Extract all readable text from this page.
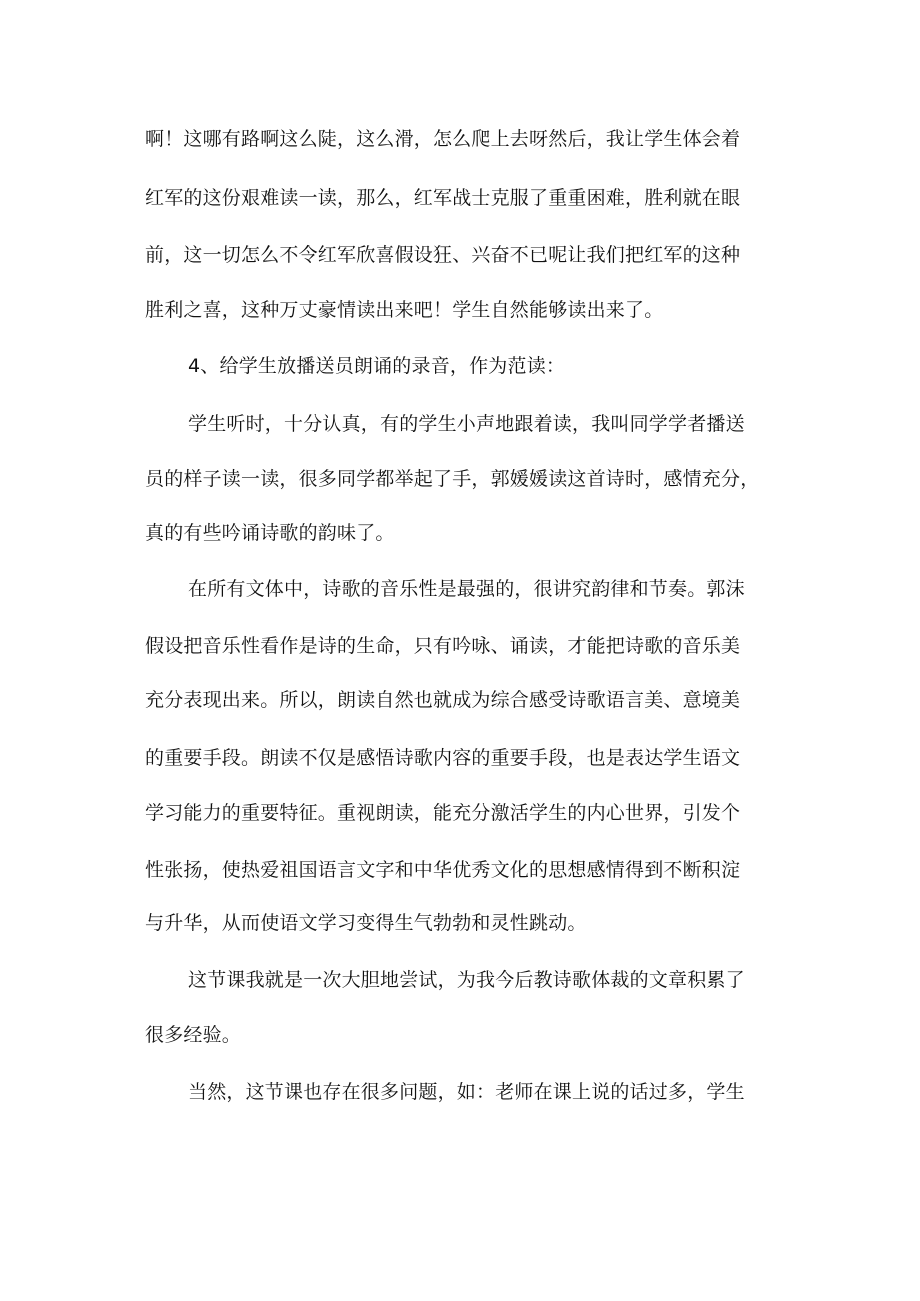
啊！这哪有路啊这么陡，这么滑，怎么爬上去呀然后，我让学生体会着
红军的这份艰难读一读，那么，红军战士克服了重重困难，胜利就在眼
前，这一切怎么不令红军欣喜假设狂、兴奋不已呢让我们把红军的这种
胜利之喜，这种万丈豪情读出来吧！学生自然能够读出来了。
4、给学生放播送员朗诵的录音，作为范读：
学生听时，十分认真，有的学生小声地跟着读，我叫同学学者播送
员的样子读一读，很多同学都举起了手，郭媛媛读这首诗时，感情充分，
真的有些吟诵诗歌的韵味了。
在所有文体中，诗歌的音乐性是最强的，很讲究韵律和节奏。郭沫
假设把音乐性看作是诗的生命，只有吟咏、诵读，才能把诗歌的音乐美
充分表现出来。所以，朗读自然也就成为综合感受诗歌语言美、意境美
的重要手段。朗读不仅是感悟诗歌内容的重要手段，也是表达学生语文
学习能力的重要特征。重视朗读，能充分激活学生的内心世界，引发个
性张扬，使热爱祖国语言文字和中华优秀文化的思想感情得到不断积淀
与升华，从而使语文学习变得生气勃勃和灵性跳动。
这节课我就是一次大胆地尝试，为我今后教诗歌体裁的文章积累了
很多经验。
当然，这节课也存在很多问题，如：老师在课上说的话过多，学生
